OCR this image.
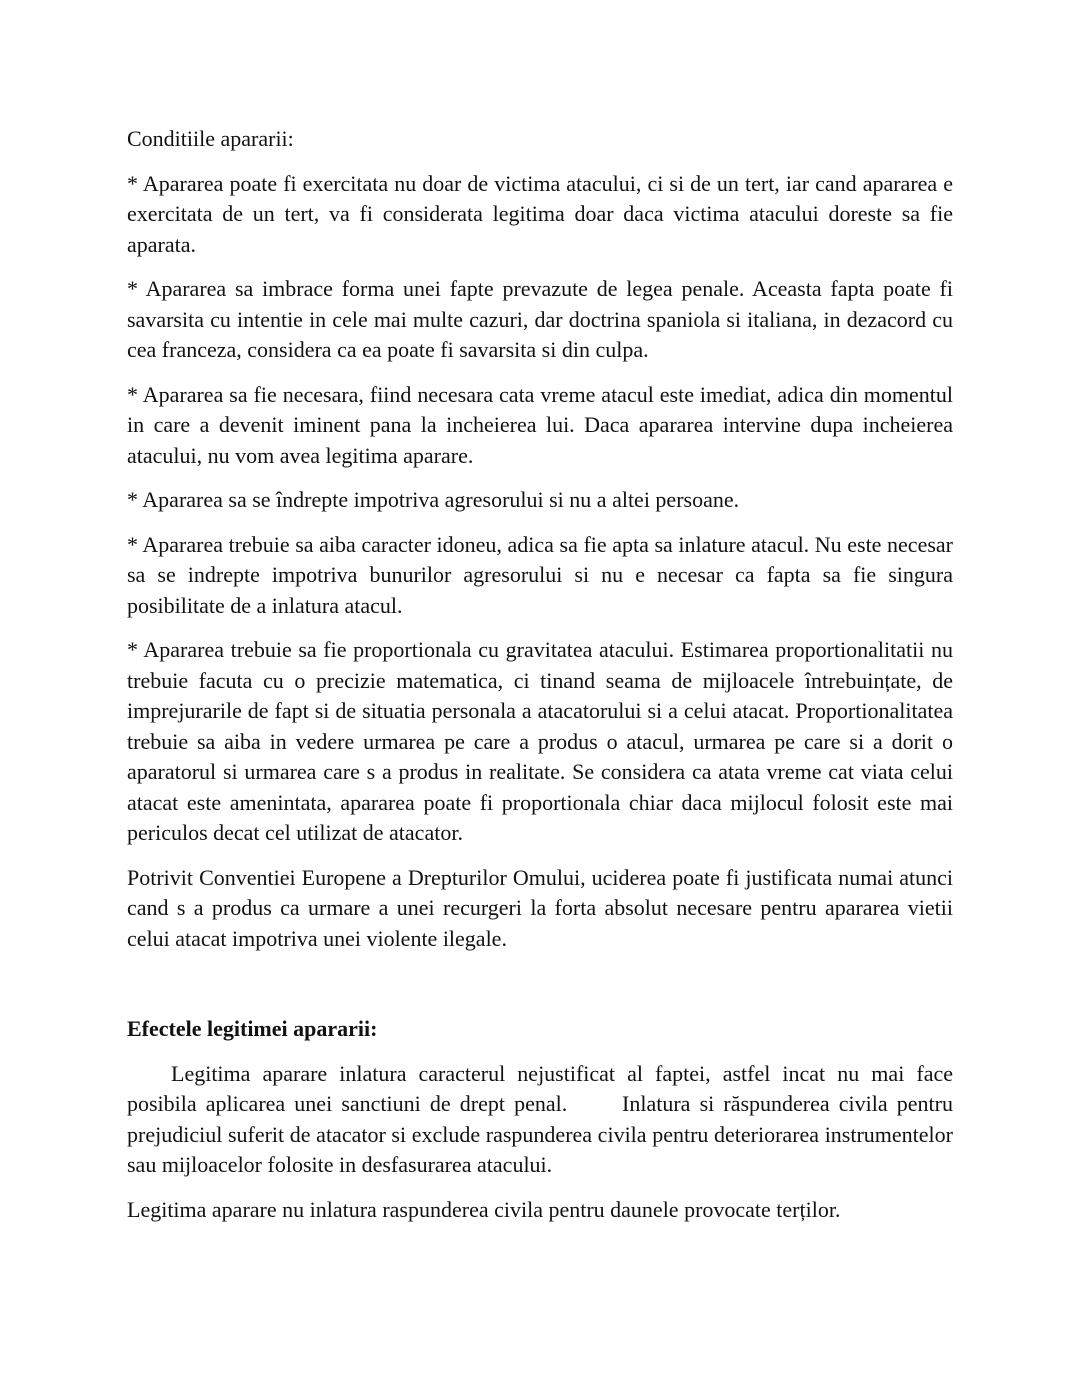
Conditiile apararii:

* Apararea poate fi exercitata nu doar de victima atacului, ci si de un tert, iar cand apararea e exercitata de un tert, va fi considerata legitima doar daca victima atacului doreste sa fie aparata.

* Apararea sa imbrace forma unei fapte prevazute de legea penale. Aceasta fapta poate fi savarsita cu intentie in cele mai multe cazuri, dar doctrina spaniola si italiana, in dezacord cu cea franceza, considera ca ea poate fi savarsita si din culpa.

* Apararea sa fie necesara, fiind necesara cata vreme atacul este imediat, adica din momentul in care a devenit iminent pana la incheierea lui. Daca apararea intervine dupa incheierea atacului, nu vom avea legitima aparare.

* Apararea sa se îndrepte impotriva agresorului si nu a altei persoane.

* Apararea trebuie sa aiba caracter idoneu, adica sa fie apta sa inlature atacul. Nu este necesar sa se indrepte impotriva bunurilor agresorului si nu e necesar ca fapta sa fie singura posibilitate de a inlatura atacul.

* Apararea trebuie sa fie proportionala cu gravitatea atacului. Estimarea proportionalitatii nu trebuie facuta cu o precizie matematica, ci tinand seama de mijloacele întrebuințate, de imprejurarile de fapt si de situatia personala a atacatorului si a celui atacat. Proportionalitatea trebuie sa aiba in vedere urmarea pe care a produs o atacul, urmarea pe care si a dorit o aparatorul si urmarea care s a produs in realitate. Se considera ca atata vreme cat viata celui atacat este amenintata, apararea poate fi proportionala chiar daca mijlocul folosit este mai periculos decat cel utilizat de atacator.

Potrivit Conventiei Europene a Drepturilor Omului, uciderea poate fi justificata numai atunci cand s a produs ca urmare a unei recurgeri la forta absolut necesare pentru apararea vietii celui atacat impotriva unei violente ilegale.

Efectele legitimei apararii:

Legitima aparare inlatura caracterul nejustificat al faptei, astfel incat nu mai face posibila aplicarea unei sanctiuni de drept penal.      Inlatura si răspunderea civila pentru prejudiciul suferit de atacator si exclude raspunderea civila pentru deteriorarea instrumentelor sau mijloacelor folosite in desfasurarea atacului.

Legitima aparare nu inlatura raspunderea civila pentru daunele provocate terților.
